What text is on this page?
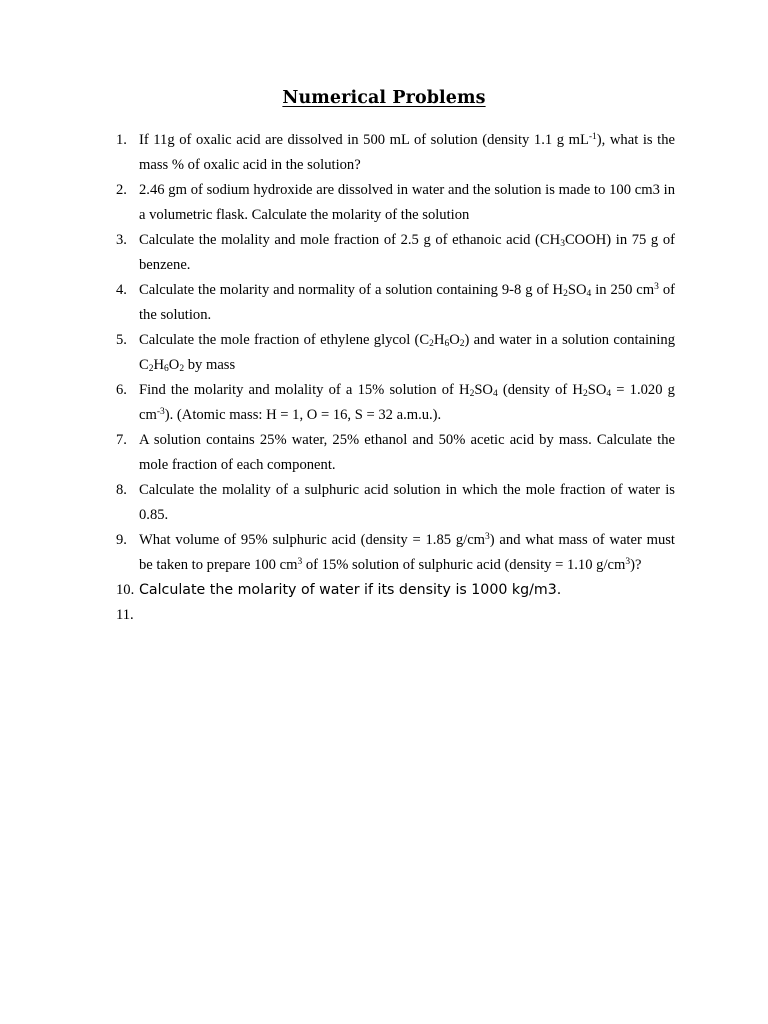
Numerical Problems
1. If 11g of oxalic acid are dissolved in 500 mL of solution (density 1.1 g $mL^{-1}$), what is the mass % of oxalic acid in the solution?
2. 2.46 gm of sodium hydroxide are dissolved in water and the solution is made to 100 cm3 in a volumetric flask. Calculate the molarity of the solution
3. Calculate the molality and mole fraction of 2.5 g of ethanoic acid $(CH_3COOH)$ in 75 g of benzene.
4. Calculate the molarity and normality of a solution containing 9-8 g of $H_2SO_4$ in 250 $cm^3$ of the solution.
5. Calculate the mole fraction of ethylene glycol $(C_2H_6O_2)$ and water in a solution containing $C_2H_6O_2$ by mass
6. Find the molarity and molality of a 15% solution of $H_2SO_4$ (density of $H_2SO_4 = 1.020$ g $cm^{-3}$). (Atomic mass: H = 1, O = 16, S = 32 a.m.u.).
7. A solution contains 25% water, 25% ethanol and 50% acetic acid by mass. Calculate the mole fraction of each component.
8. Calculate the molality of a sulphuric acid solution in which the mole fraction of water is 0.85.
9. What volume of 95% sulphuric acid (density = 1.85 $g/cm^3$) and what mass of water must be taken to prepare 100 $cm^3$ of 15% solution of sulphuric acid (density = 1.10 $g/cm^3$)?
10. Calculate the molarity of water if its density is 1000 kg/m3.
11.
